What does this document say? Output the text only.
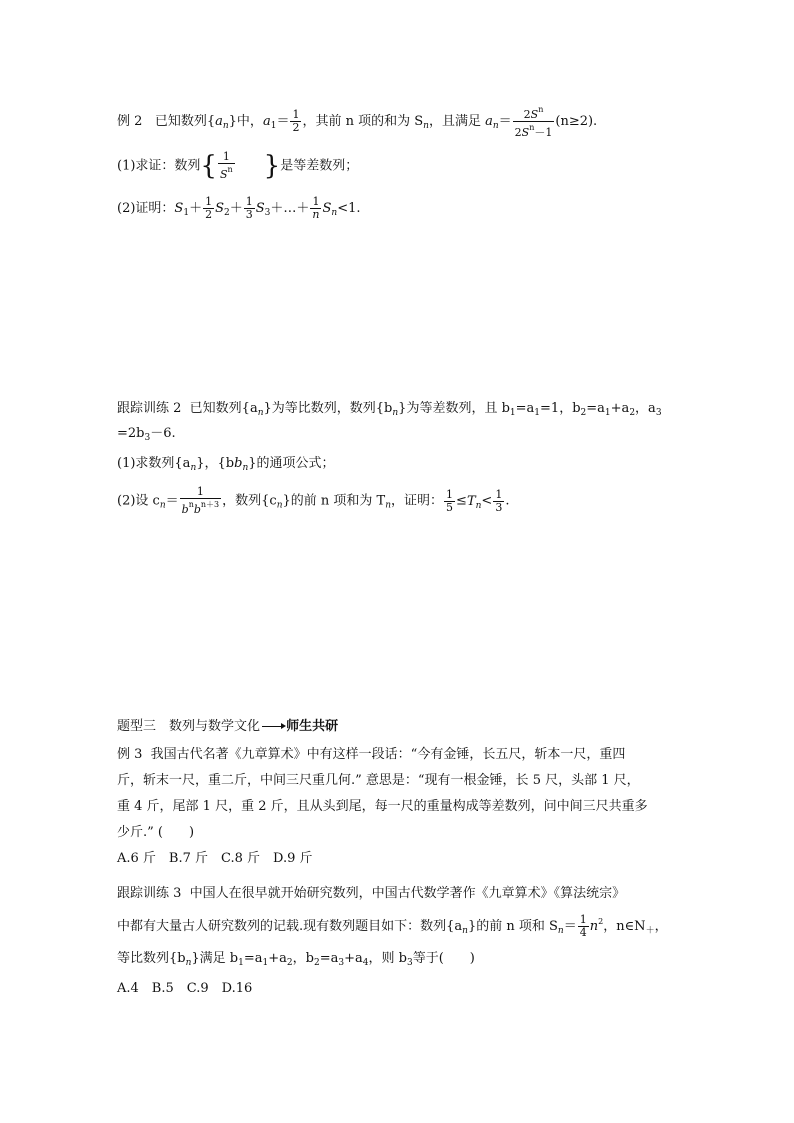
例 2 已知数列$\{a_n\}$中，$a_1= \frac{1}{2}$ ，其前 n 项的和为 $S_n$，且满足 $a_n= \frac{2S^n}{2S^n-1} (n\ge 2)$.
(1)求证：数列{ $\frac{1}{S^n}$ }是等差数列；
(2)证明：$S_1+ \frac{1}{2} S_2+ \frac{1}{3}$ $S_3+\dots+ \frac{1}{n} S_n<1$.
跟踪训练 2 已知数列$\{a_n\}$为等比数列，数列$\{b_n\}$为等差数列，且 $b_1=a_1=1$，$b_2=a_1+a_2$，$a_3$
$=2b_3-6$.
(1)求数列$\{a_n\}$，$\{bb_n\}$的通项公式；
(2)设 $c_n= \frac{1}{b^nb^{n+3}}$ ，数列$\{c_n\}$的前 n 项和为 $T_n$，证明： $\frac{1}{5} \le T_n< \frac{1}{3}$ .
题型三　数列与数学文化 师生共研
例 3 我国古代名著《九章算术》中有这样一段话：“今有金锤，长五尺，斩本一尺，重四
斤，斩末一尺，重二斤，中间三尺重几何.” 意思是：“现有一根金锤，长 5 尺，头部 1 尺，
重 4 斤，尾部 1 尺，重 2 斤，且从头到尾，每一尺的重量构成等差数列，问中间三尺共重多
少斤.” (　　)
A.6 斤　B.7 斤　C.8 斤　D.9 斤
跟踪训练 3 中国人在很早就开始研究数列，中国古代数学著作《九章算术》《算法统宗》
中都有大量古人研究数列的记载.现有数列题目如下：数列$\{a_n\}$的前 n 项和 $S_n= \frac{1}{4} n^2$，$n\in N_+$，
等比数列$\{b_n\}$满足 $b_1=a_1+a_2$，$b_2=a_3+a_4$，则 $b_3$等于(　　)
A.4　B.5　C.9　D.16
